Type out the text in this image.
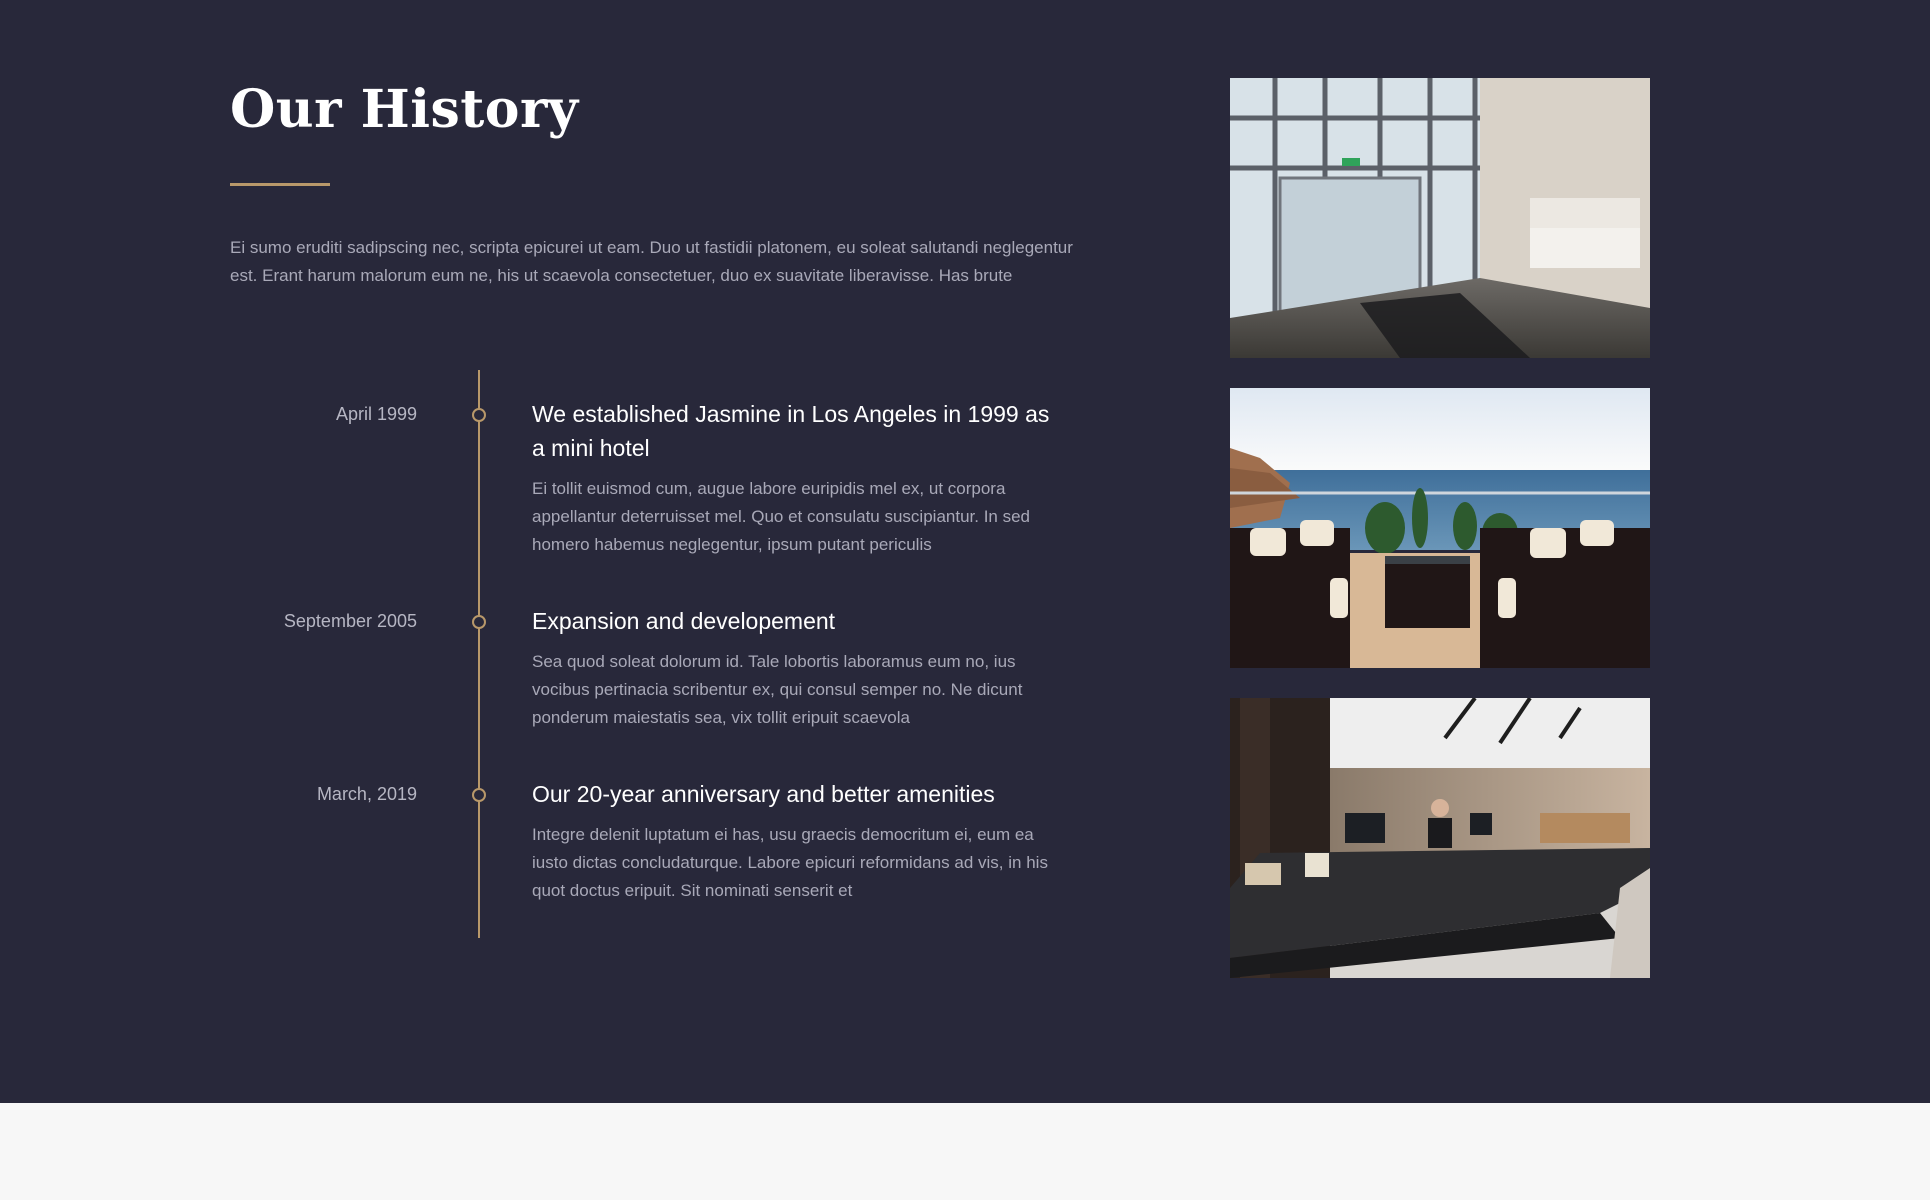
Our History

Ei sumo eruditi sadipscing nec, scripta epicurei ut eam. Duo ut fastidii platonem, eu soleat salutandi neglegentur est. Erant harum malorum eum ne, his ut scaevola consectetuer, duo ex suavitate liberavisse. Has brute

April 1999	We established Jasmine in Los Angeles in 1999 as a mini hotel

Ei tollit euismod cum, augue labore euripidis mel ex, ut corpora appellantur deterruisset mel. Quo et consulatu suscipiantur. In sed homero habemus neglegentur, ipsum putant periculis

September 2005	Expansion and developement

Sea quod soleat dolorum id. Tale lobortis laboramus eum no, ius vocibus pertinacia scribentur ex, qui consul semper no. Ne dicunt ponderum maiestatis sea, vix tollit eripuit scaevola

March, 2019	Our 20-year anniversary and better amenities

Integre delenit luptatum ei has, usu graecis democritum ei, eum ea iusto dictas concludaturque. Labore epicuri reformidans ad vis, in his quot doctus eripuit. Sit nominati senserit et
